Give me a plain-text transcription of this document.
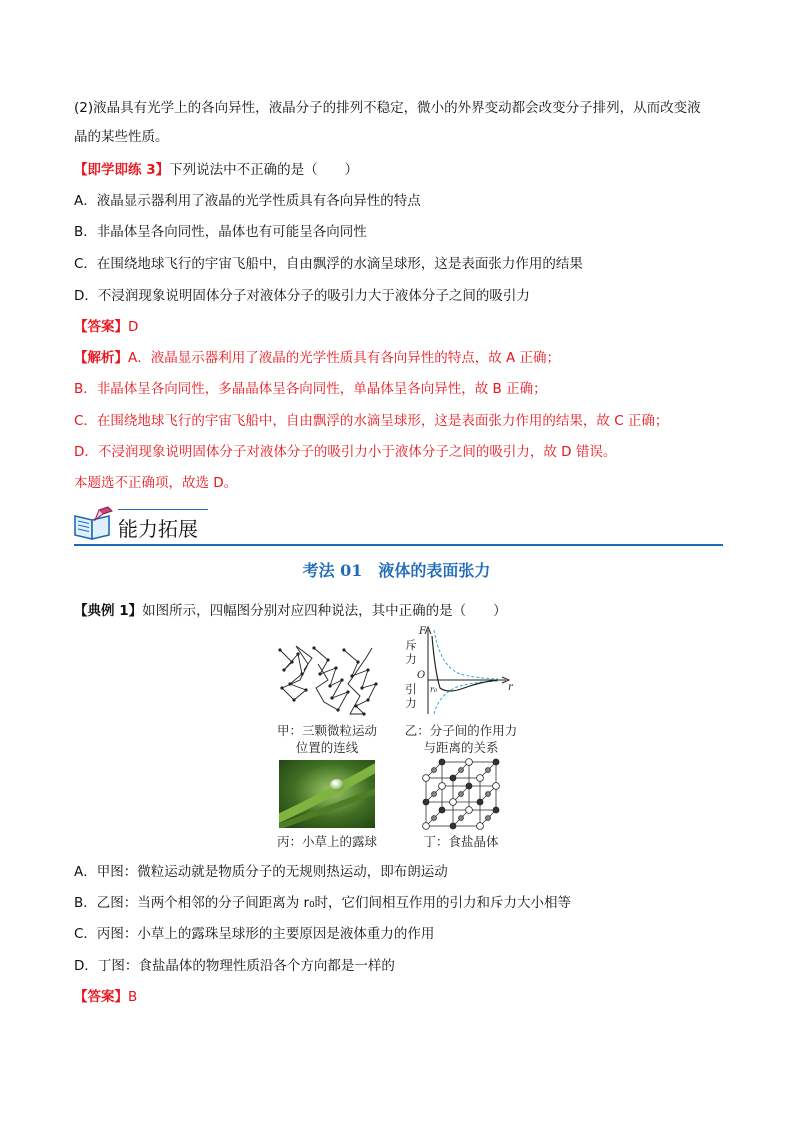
(2)液晶具有光学上的各向异性，液晶分子的排列不稳定，微小的外界变动都会改变分子排列，从而改变液
晶的某些性质。
【即学即练 3】下列说法中不正确的是（　　）
A．液晶显示器利用了液晶的光学性质具有各向异性的特点
B．非晶体呈各向同性，晶体也有可能呈各向同性
C．在围绕地球飞行的宇宙飞船中，自由飘浮的水滴呈球形，这是表面张力作用的结果
D．不浸润现象说明固体分子对液体分子的吸引力大于液体分子之间的吸引力
【答案】D
【解析】A．液晶显示器利用了液晶的光学性质具有各向异性的特点，故 A 正确；
B．非晶体呈各向同性，多晶晶体呈各向同性，单晶体呈各向异性，故 B 正确；
C．在围绕地球飞行的宇宙飞船中，自由飘浮的水滴呈球形，这是表面张力作用的结果，故 C 正确；
D．不浸润现象说明固体分子对液体分子的吸引力小于液体分子之间的吸引力，故 D 错误。
本题选不正确项，故选 D。
能力拓展
考法 01 液体的表面张力
【典例 1】如图所示，四幅图分别对应四种说法，其中正确的是（　　）
甲：三颗微粒运动
位置的连线
F
O
r
r₀
斥力
引力
乙：分子间的作用力
与距离的关系
丙：小草上的露球	丁：食盐晶体
A．甲图：微粒运动就是物质分子的无规则热运动，即布朗运动
B．乙图：当两个相邻的分子间距离为 r₀时，它们间相互作用的引力和斥力大小相等
C．丙图：小草上的露珠呈球形的主要原因是液体重力的作用
D．丁图：食盐晶体的物理性质沿各个方向都是一样的
【答案】B
